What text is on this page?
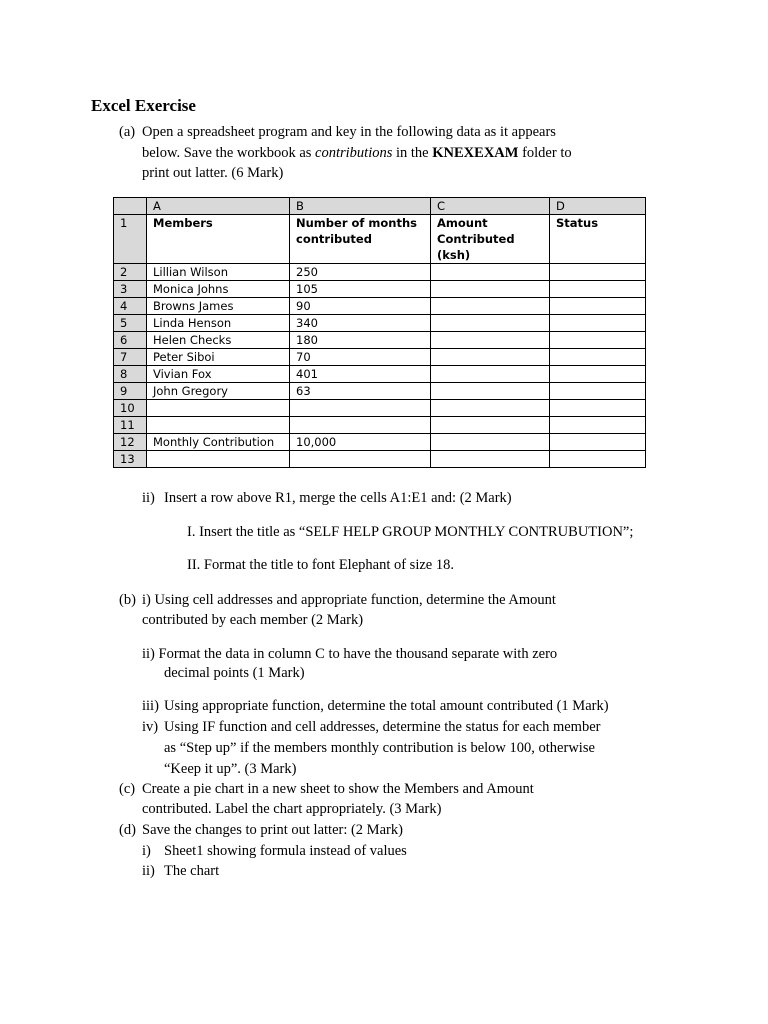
Excel Exercise
(a) Open a spreadsheet program and key in the following data as it appears
below. Save the workbook as contributions in the KNEXEXAM folder to
print out latter. (6 Mark)
	A	B	C	D
1	Members	Number of months contributed	Amount Contributed (ksh)	Status
2	Lillian Wilson	250		
3	Monica Johns	105		
4	Browns James	90		
5	Linda Henson	340		
6	Helen Checks	180		
7	Peter Siboi	70		
8	Vivian Fox	401		
9	John Gregory	63		
10				
11				
12	Monthly Contribution	10,000		
13				
ii) Insert a row above R1, merge the cells A1:E1 and: (2 Mark)
I. Insert the title as “SELF HELP GROUP MONTHLY CONTRUBUTION”;
II. Format the title to font Elephant of size 18.
(b) i) Using cell addresses and appropriate function, determine the Amount
contributed by each member (2 Mark)
ii) Format the data in column C to have the thousand separate with zero
decimal points (1 Mark)
iii) Using appropriate function, determine the total amount contributed (1 Mark)
iv) Using IF function and cell addresses, determine the status for each member
as “Step up” if the members monthly contribution is below 100, otherwise
“Keep it up”. (3 Mark)
(c) Create a pie chart in a new sheet to show the Members and Amount
contributed. Label the chart appropriately. (3 Mark)
(d) Save the changes to print out latter: (2 Mark)
i) Sheet1 showing formula instead of values
ii) The chart
